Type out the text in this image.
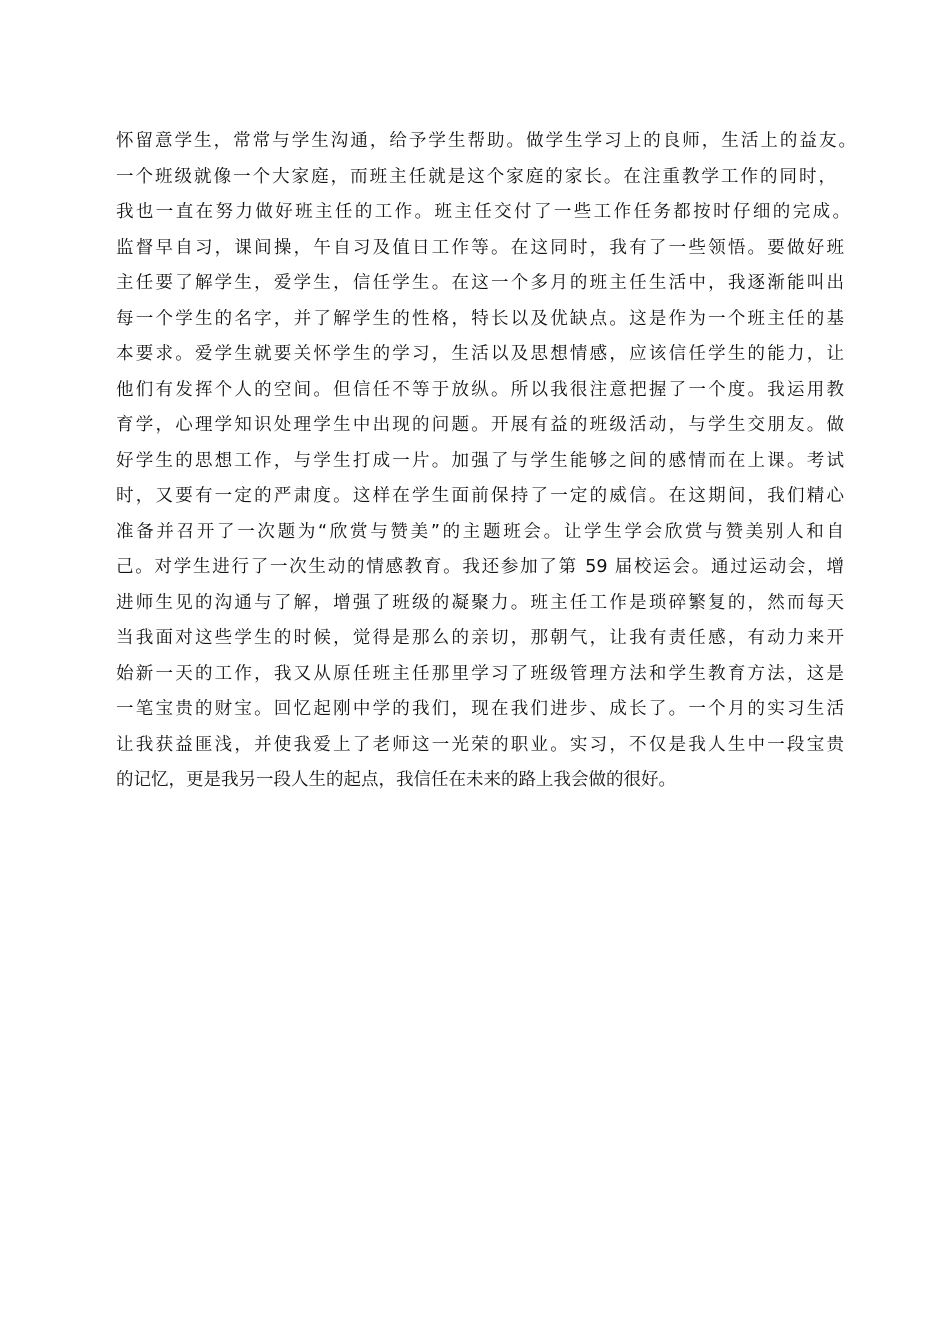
怀留意学生，常常与学生沟通，给予学生帮助。做学生学习上的良师，生活上的益友。
一个班级就像一个大家庭，而班主任就是这个家庭的家长。在注重教学工作的同时，
我也一直在努力做好班主任的工作。班主任交付了一些工作任务都按时仔细的完成。
监督早自习，课间操，午自习及值日工作等。在这同时，我有了一些领悟。要做好班
主任要了解学生，爱学生，信任学生。在这一个多月的班主任生活中，我逐渐能叫出
每一个学生的名字，并了解学生的性格，特长以及优缺点。这是作为一个班主任的基
本要求。爱学生就要关怀学生的学习，生活以及思想情感，应该信任学生的能力，让
他们有发挥个人的空间。但信任不等于放纵。所以我很注意把握了一个度。我运用教
育学，心理学知识处理学生中出现的问题。开展有益的班级活动，与学生交朋友。做
好学生的思想工作，与学生打成一片。加强了与学生能够之间的感情而在上课。考试
时，又要有一定的严肃度。这样在学生面前保持了一定的威信。在这期间，我们精心
准备并召开了一次题为“欣赏与赞美”的主题班会。让学生学会欣赏与赞美别人和自
己。对学生进行了一次生动的情感教育。我还参加了第 59 届校运会。通过运动会，增
进师生见的沟通与了解，增强了班级的凝聚力。班主任工作是琐碎繁复的，然而每天
当我面对这些学生的时候，觉得是那么的亲切，那朝气，让我有责任感，有动力来开
始新一天的工作，我又从原任班主任那里学习了班级管理方法和学生教育方法，这是
一笔宝贵的财宝。回忆起刚中学的我们，现在我们进步、成长了。一个月的实习生活
让我获益匪浅，并使我爱上了老师这一光荣的职业。实习，不仅是我人生中一段宝贵
的记忆，更是我另一段人生的起点，我信任在未来的路上我会做的很好。
